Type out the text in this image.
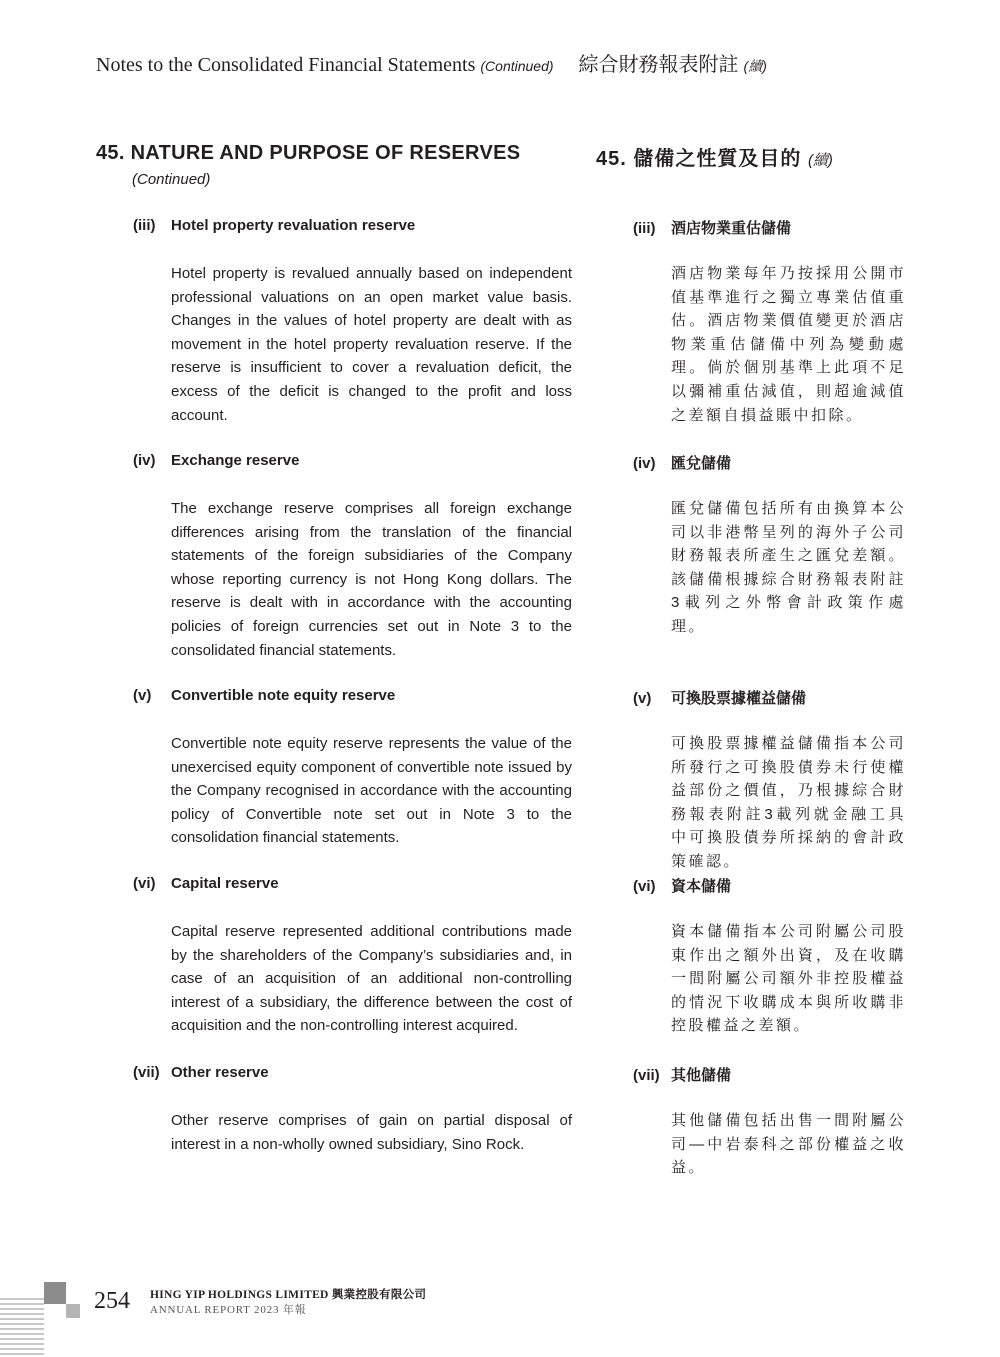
Notes to the Consolidated Financial Statements (Continued) 綜合財務報表附註 (續)
45. NATURE AND PURPOSE OF RESERVES
(Continued)
45. 儲備之性質及目的 (續)
(iii) Hotel property revaluation reserve	(iii) 酒店物業重估儲備
Hotel property is revalued annually based on independent professional valuations on an open market value basis. Changes in the values of hotel property are dealt with as movement in the hotel property revaluation reserve. If the reserve is insufficient to cover a revaluation deficit, the excess of the deficit is changed to the profit and loss account.
酒店物業每年乃按採用公開市值基準進行之獨立專業估值重估。酒店物業價值變更於酒店物業重估儲備中列為變動處理。倘於個別基準上此項不足以彌補重估減值，則超逾減值之差額自損益賬中扣除。
(iv) Exchange reserve	(iv) 匯兌儲備
The exchange reserve comprises all foreign exchange differences arising from the translation of the financial statements of the foreign subsidiaries of the Company whose reporting currency is not Hong Kong dollars. The reserve is dealt with in accordance with the accounting policies of foreign currencies set out in Note 3 to the consolidated financial statements.
匯兌儲備包括所有由換算本公司以非港幣呈列的海外子公司財務報表所產生之匯兌差額。該儲備根據綜合財務報表附註3載列之外幣會計政策作處理。
(v) Convertible note equity reserve	(v) 可換股票據權益儲備
Convertible note equity reserve represents the value of the unexercised equity component of convertible note issued by the Company recognised in accordance with the accounting policy of Convertible note set out in Note 3 to the consolidation financial statements.
可換股票據權益儲備指本公司所發行之可換股債券未行使權益部份之價值，乃根據綜合財務報表附註3載列就金融工具中可換股債券所採納的會計政策確認。
(vi) Capital reserve	(vi) 資本儲備
Capital reserve represented additional contributions made by the shareholders of the Company’s subsidiaries and, in case of an acquisition of an additional non-controlling interest of a subsidiary, the difference between the cost of acquisition and the non-controlling interest acquired.
資本儲備指本公司附屬公司股東作出之額外出資，及在收購一間附屬公司額外非控股權益的情況下收購成本與所收購非控股權益之差額。
(vii) Other reserve	(vii) 其他儲備
Other reserve comprises of gain on partial disposal of interest in a non-wholly owned subsidiary, Sino Rock.
其他儲備包括出售一間附屬公司—中岩泰科之部份權益之收益。
254 HING YIP HOLDINGS LIMITED 興業控股有限公司
ANNUAL REPORT 2023 年報
